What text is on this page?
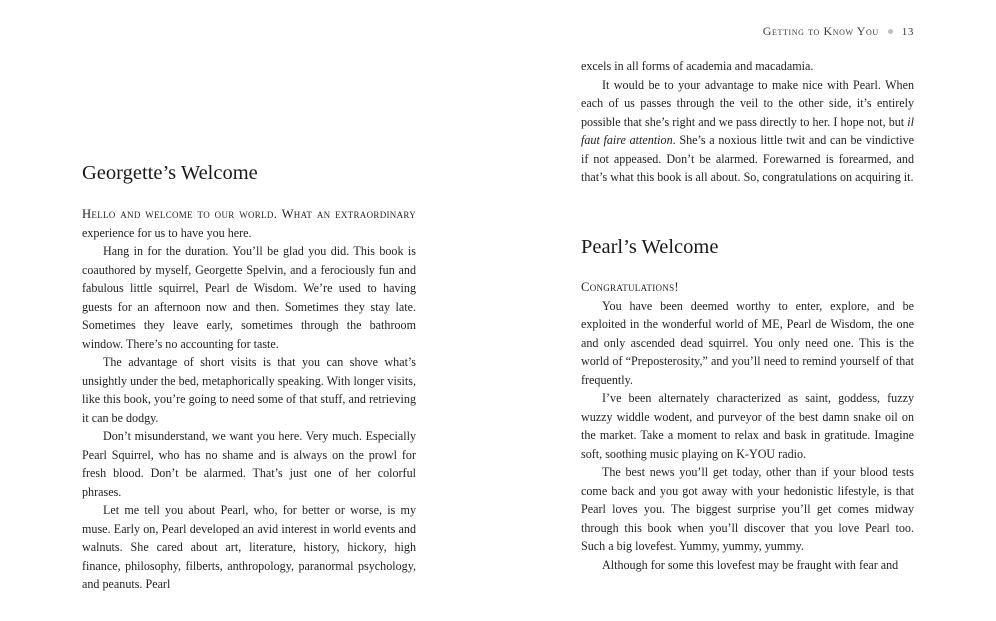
Georgette’s Welcome

Hello and welcome to our world. What an extraordinary experience for us to have you here.

Hang in for the duration. You’ll be glad you did. This book is coauthored by myself, Georgette Spelvin, and a ferociously fun and fabulous little squirrel, Pearl de Wisdom. We’re used to having guests for an afternoon now and then. Sometimes they stay late. Sometimes they leave early, sometimes through the bathroom window. There’s no accounting for taste.

The advantage of short visits is that you can shove what’s unsightly under the bed, metaphorically speaking. With longer visits, like this book, you’re going to need some of that stuff, and retrieving it can be dodgy.

Don’t misunderstand, we want you here. Very much. Especially Pearl Squirrel, who has no shame and is always on the prowl for fresh blood. Don’t be alarmed. That’s just one of her colorful phrases.

Let me tell you about Pearl, who, for better or worse, is my muse. Early on, Pearl developed an avid interest in world events and walnuts. She cared about art, literature, history, hickory, high finance, philosophy, filberts, anthropology, paranormal psychology, and peanuts. Pearl

Getting to Know You 13

excels in all forms of academia and macadamia.

It would be to your advantage to make nice with Pearl. When each of us passes through the veil to the other side, it’s entirely possible that she’s right and we pass directly to her. I hope not, but il faut faire attention. She’s a noxious little twit and can be vindictive if not appeased. Don’t be alarmed. Forewarned is forearmed, and that’s what this book is all about. So, congratulations on acquiring it.

Pearl’s Welcome

Congratulations!

You have been deemed worthy to enter, explore, and be exploited in the wonderful world of ME, Pearl de Wisdom, the one and only ascended dead squirrel. You only need one. This is the world of “Preposterosity,” and you’ll need to remind yourself of that frequently.

I’ve been alternately characterized as saint, goddess, fuzzy wuzzy widdle wodent, and purveyor of the best damn snake oil on the market. Take a moment to relax and bask in gratitude. Imagine soft, soothing music playing on K-YOU radio.

The best news you’ll get today, other than if your blood tests come back and you got away with your hedonistic lifestyle, is that Pearl loves you. The biggest surprise you’ll get comes midway through this book when you’ll discover that you love Pearl too. Such a big lovefest. Yummy, yummy, yummy.

Although for some this lovefest may be fraught with fear and
